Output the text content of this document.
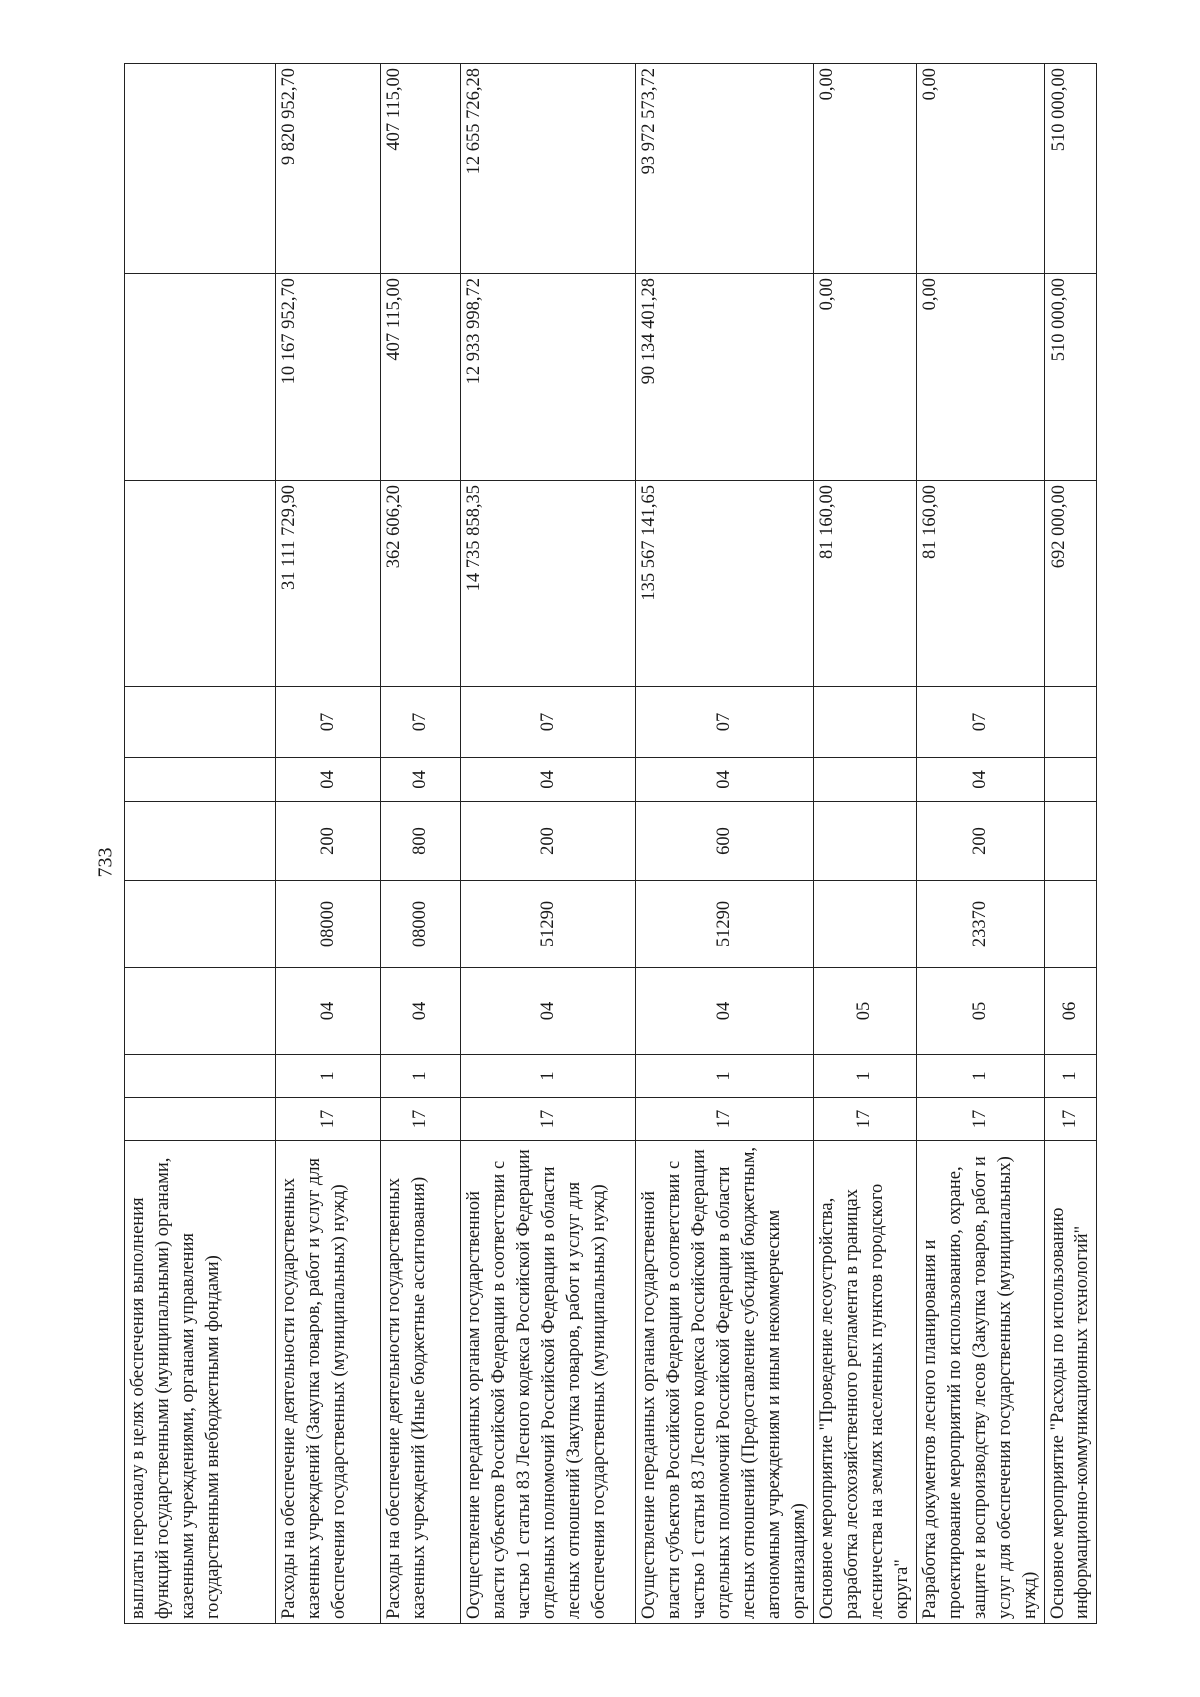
733
выплаты персоналу в целях обеспечения выполнения функций государственными (муниципальными) органами, казенными учреждениями, органами управления государственными внебюджетными фондами)										
Расходы на обеспечение деятельности государственных казенных учреждений (Закупка товаров, работ и услуг для обеспечения государственных (муниципальных) нужд)	17	1	04	08000	200	04	07	31 111 729,90	10 167 952,70	9 820 952,70
Расходы на обеспечение деятельности государственных казенных учреждений (Иные бюджетные ассигнования)	17	1	04	08000	800	04	07	362 606,20	407 115,00	407 115,00
Осуществление переданных органам государственной власти субъектов Российской Федерации в соответствии с частью 1 статьи 83 Лесного кодекса Российской Федерации отдельных полномочий Российской Федерации в области лесных отношений (Закупка товаров, работ и услуг для обеспечения государственных (муниципальных) нужд)	17	1	04	51290	200	04	07	14 735 858,35	12 933 998,72	12 655 726,28
Осуществление переданных органам государственной власти субъектов Российской Федерации в соответствии с частью 1 статьи 83 Лесного кодекса Российской Федерации отдельных полномочий Российской Федерации в области лесных отношений (Предоставление субсидий бюджетным, автономным учреждениям и иным некоммерческим организациям)	17	1	04	51290	600	04	07	135 567 141,65	90 134 401,28	93 972 573,72
Основное мероприятие "Проведение лесоустройства, разработка лесохозяйственного регламента в границах лесничества на землях населенных пунктов городского округа"	17	1	05					81 160,00	0,00	0,00
Разработка документов лесного планирования и проектирование мероприятий по использованию, охране, защите и воспроизводству лесов (Закупка товаров, работ и услуг для обеспечения государственных (муниципальных) нужд)	17	1	05	23370	200	04	07	81 160,00	0,00	0,00
Основное мероприятие "Расходы по использованию информационно-коммуникационных технологий"	17	1	06					692 000,00	510 000,00	510 000,00
